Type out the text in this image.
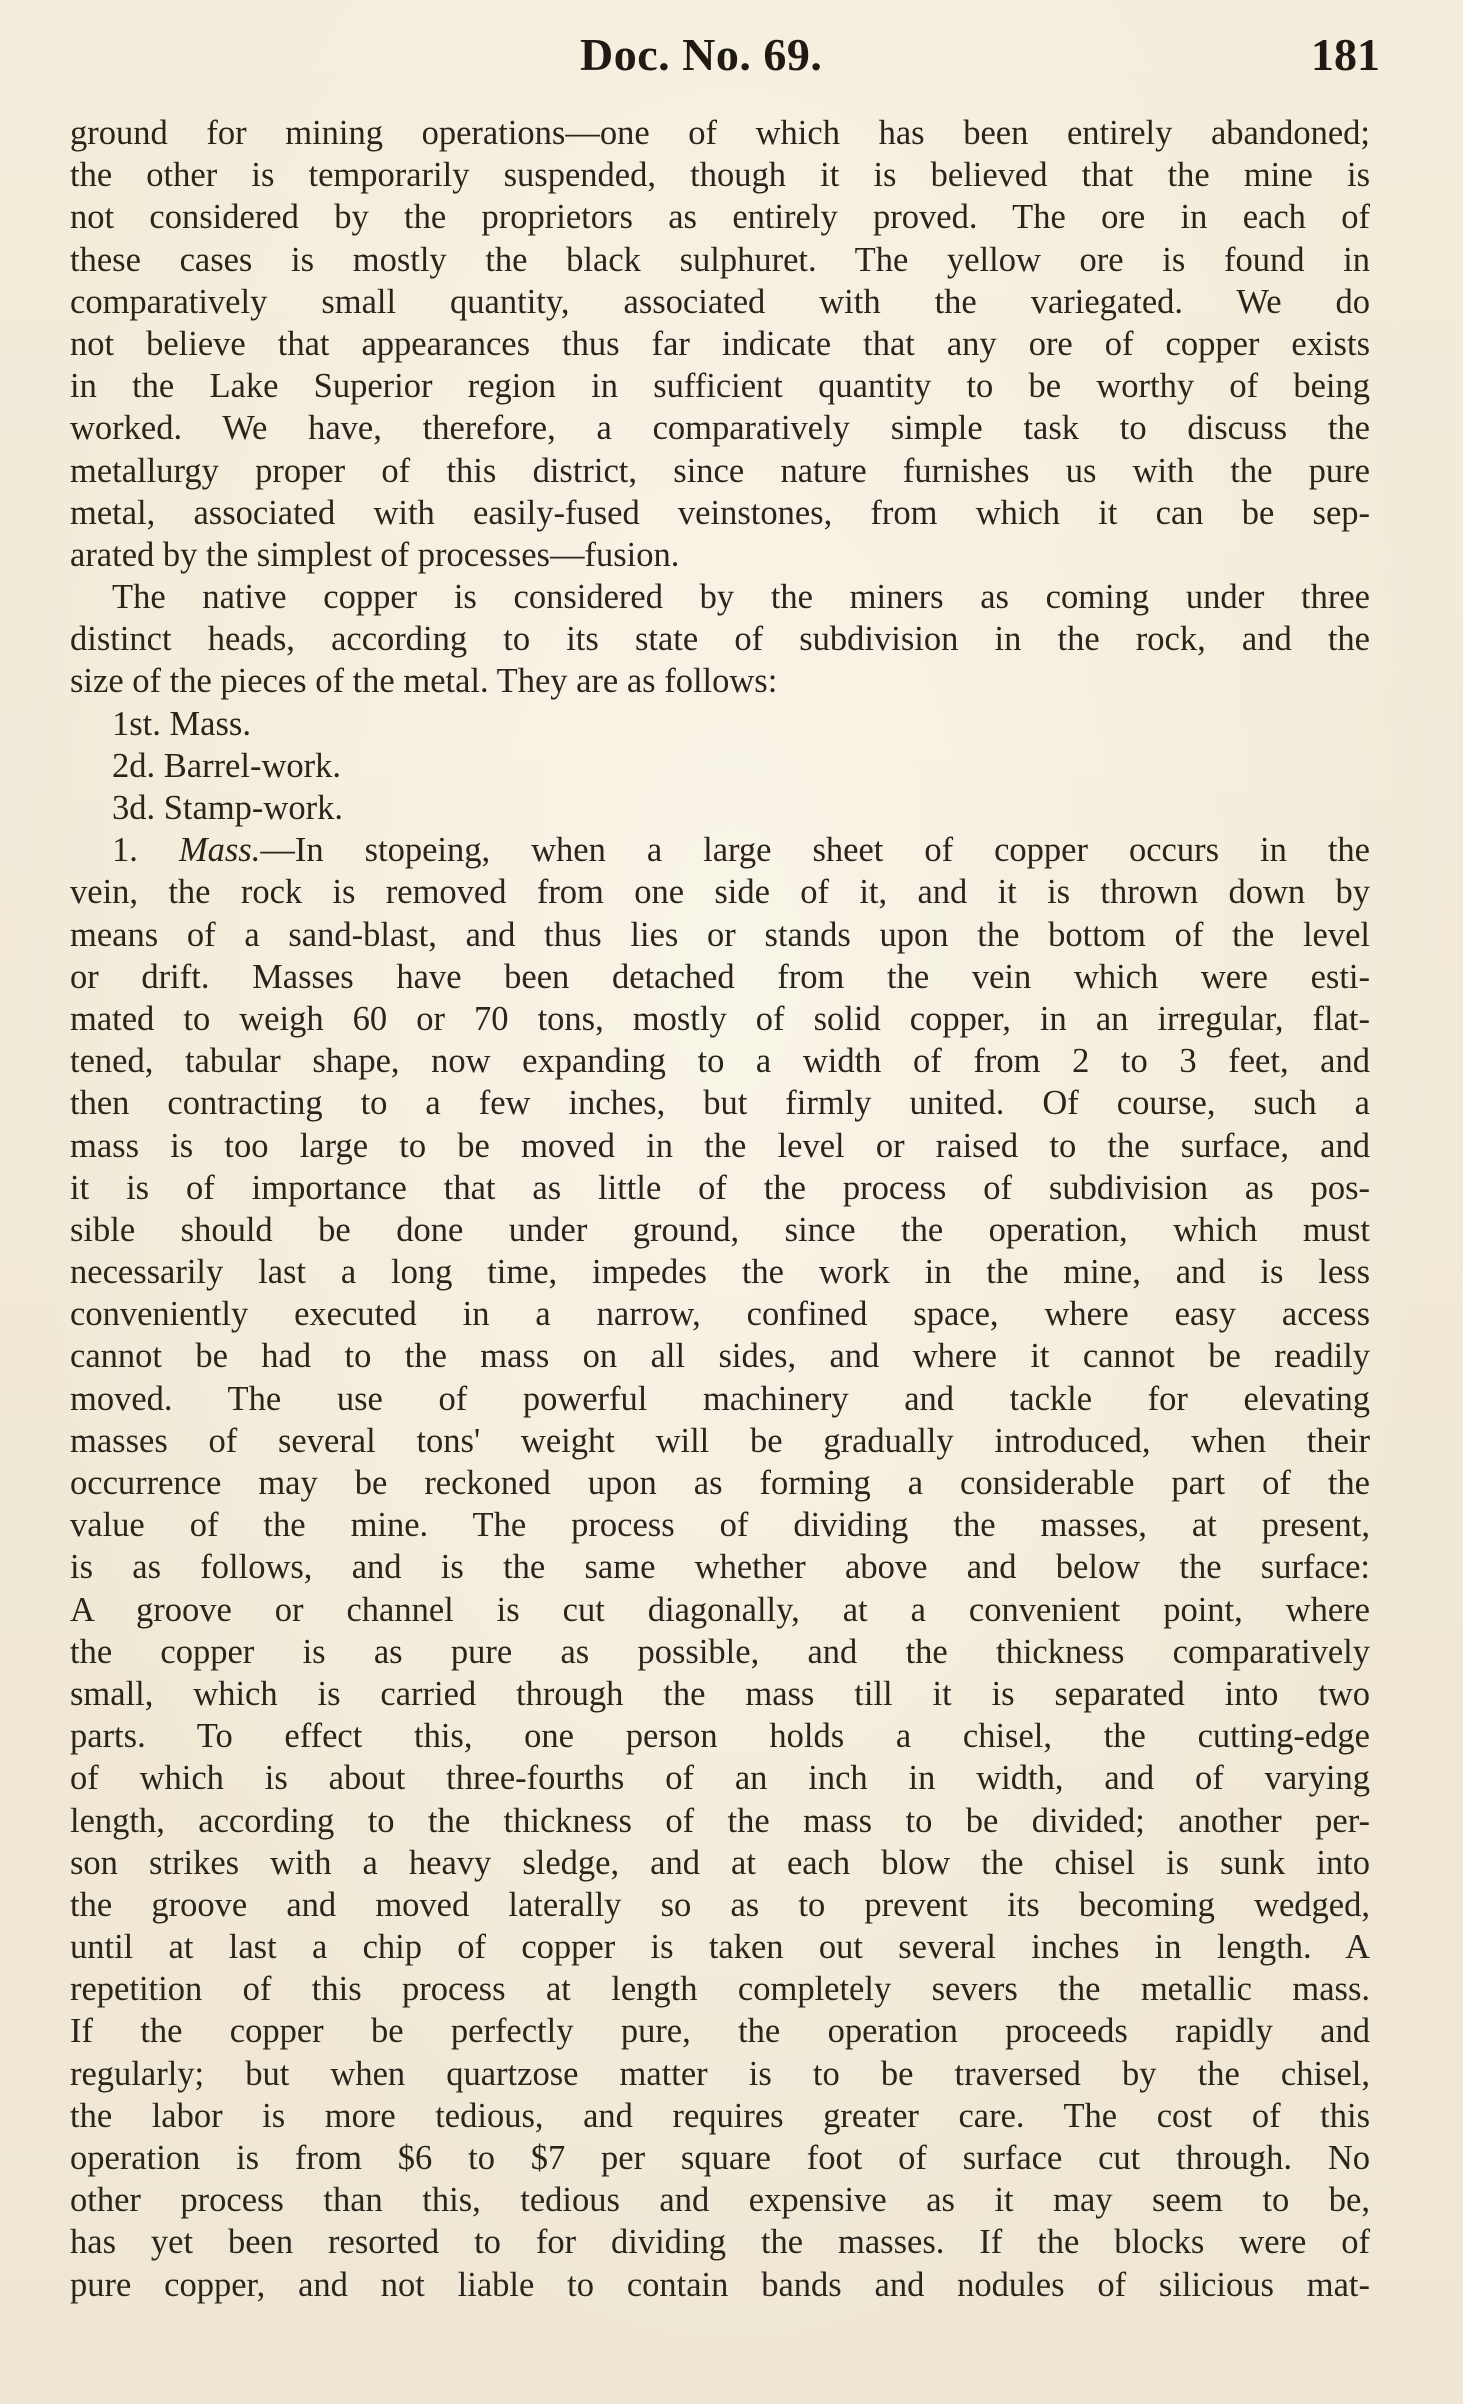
Doc. No. 69.	181
ground for mining operations—one of which has been entirely abandoned;
the other is temporarily suspended, though it is believed that the mine is
not considered by the proprietors as entirely proved. The ore in each of
these cases is mostly the black sulphuret. The yellow ore is found in
comparatively small quantity, associated with the variegated. We do
not believe that appearances thus far indicate that any ore of copper exists
in the Lake Superior region in sufficient quantity to be worthy of being
worked. We have, therefore, a comparatively simple task to discuss the
metallurgy proper of this district, since nature furnishes us with the pure
metal, associated with easily-fused veinstones, from which it can be sep-
arated by the simplest of processes—fusion.
The native copper is considered by the miners as coming under three
distinct heads, according to its state of subdivision in the rock, and the
size of the pieces of the metal. They are as follows:
1st. Mass.
2d. Barrel-work.
3d. Stamp-work.
1. Mass.—In stopeing, when a large sheet of copper occurs in the
vein, the rock is removed from one side of it, and it is thrown down by
means of a sand-blast, and thus lies or stands upon the bottom of the level
or drift. Masses have been detached from the vein which were esti-
mated to weigh 60 or 70 tons, mostly of solid copper, in an irregular, flat-
tened, tabular shape, now expanding to a width of from 2 to 3 feet, and
then contracting to a few inches, but firmly united. Of course, such a
mass is too large to be moved in the level or raised to the surface, and
it is of importance that as little of the process of subdivision as pos-
sible should be done under ground, since the operation, which must
necessarily last a long time, impedes the work in the mine, and is less
conveniently executed in a narrow, confined space, where easy access
cannot be had to the mass on all sides, and where it cannot be readily
moved. The use of powerful machinery and tackle for elevating
masses of several tons' weight will be gradually introduced, when their
occurrence may be reckoned upon as forming a considerable part of the
value of the mine. The process of dividing the masses, at present,
is as follows, and is the same whether above and below the surface:
A groove or channel is cut diagonally, at a convenient point, where
the copper is as pure as possible, and the thickness comparatively
small, which is carried through the mass till it is separated into two
parts. To effect this, one person holds a chisel, the cutting-edge
of which is about three-fourths of an inch in width, and of varying
length, according to the thickness of the mass to be divided; another per-
son strikes with a heavy sledge, and at each blow the chisel is sunk into
the groove and moved laterally so as to prevent its becoming wedged,
until at last a chip of copper is taken out several inches in length. A
repetition of this process at length completely severs the metallic mass.
If the copper be perfectly pure, the operation proceeds rapidly and
regularly; but when quartzose matter is to be traversed by the chisel,
the labor is more tedious, and requires greater care. The cost of this
operation is from $6 to $7 per square foot of surface cut through. No
other process than this, tedious and expensive as it may seem to be,
has yet been resorted to for dividing the masses. If the blocks were of
pure copper, and not liable to contain bands and nodules of silicious mat-
